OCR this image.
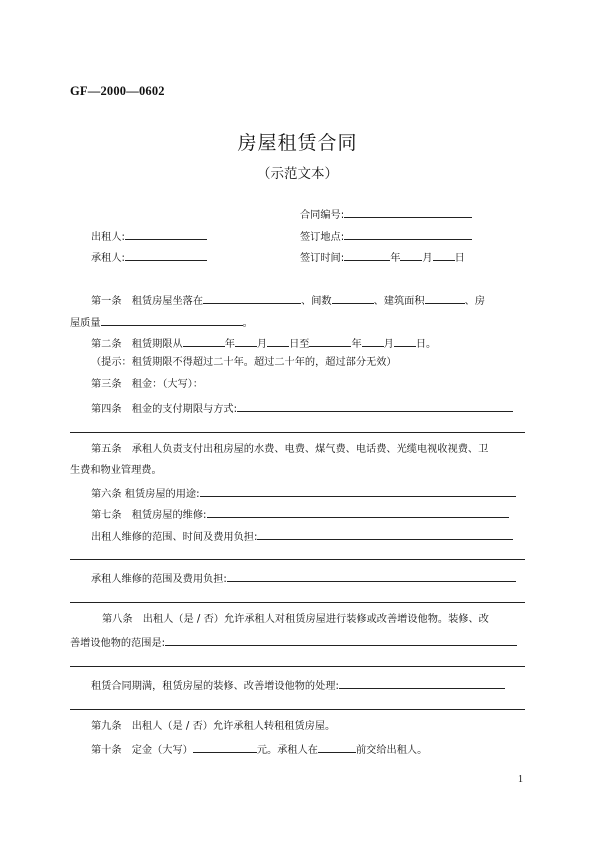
GF—2000—0602
房屋租赁合同
（示范文本）
合同编号:
出租人:	签订地点:
承租人:	签订时间:	年 月 日
第一条　租赁房屋坐落在	、间数	、建筑面积	、房
屋质量	。
第二条　租赁期限从	年 月 日至	年 月 日。
（提示：租赁期限不得超过二十年。超过二十年的，超过部分无效）
第三条　租金：（大写）：
第四条　租金的支付期限与方式:
第五条　承租人负责支付出租房屋的水费、电费、煤气费、电话费、光缆电视收视费、卫
生费和物业管理费。
第六条 租赁房屋的用途:
第七条　租赁房屋的维修:
出租人维修的范围、时间及费用负担:
承租人维修的范围及费用负担:
第八条　出租人（是 / 否）允许承租人对租赁房屋进行装修或改善增设他物。装修、改
善增设他物的范围是:
租赁合同期满，租赁房屋的装修、改善增设他物的处理:
第九条　出租人（是 / 否）允许承租人转租租赁房屋。
第十条　定金（大写）	元。承租人在	前交给出租人。
1
